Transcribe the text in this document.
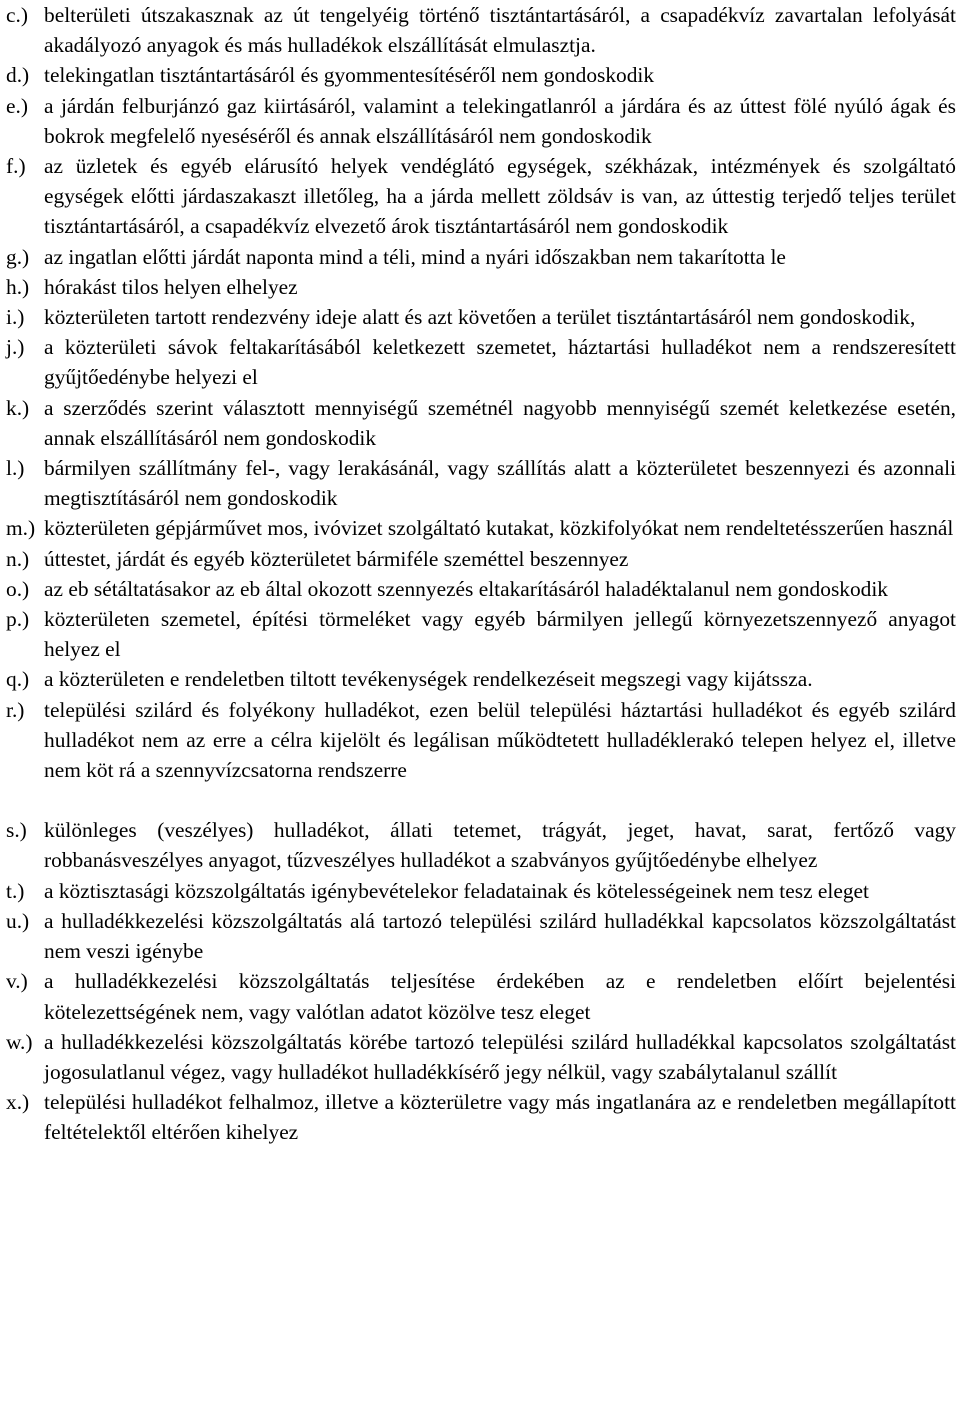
c.) belterületi útszakasznak az út tengelyéig történő tisztántartásáról, a csapadékvíz zavartalan lefolyását akadályozó anyagok és más hulladékok elszállítását elmulasztja.
d.) telekingatlan tisztántartásáról és gyommentesítéséről nem gondoskodik
e.) a járdán felburjánzó gaz kiirtásáról, valamint a telekingatlanról a járdára és az úttest fölé nyúló ágak és bokrok megfelelő nyeséséről és annak elszállításáról nem gondoskodik
f.) az üzletek és egyéb elárusító helyek vendéglátó egységek, székházak, intézmények és szolgáltató egységek előtti járdaszakaszt illetőleg, ha a járda mellett zöldsáv is van, az úttestig terjedő teljes terület tisztántartásáról, a csapadékvíz elvezető árok tisztántartásáról nem gondoskodik
g.) az ingatlan előtti járdát naponta mind a téli, mind a nyári időszakban nem takarította le
h.) hórakást tilos helyen elhelyez
i.) közterületen tartott rendezvény ideje alatt és azt követően a terület tisztántartásáról nem gondoskodik,
j.) a közterületi sávok feltakarításából keletkezett szemetet, háztartási hulladékot nem a rendszeresített gyűjtőedénybe helyezi el
k.) a szerződés szerint választott mennyiségű szemétnél nagyobb mennyiségű szemét keletkezése esetén, annak elszállításáról nem gondoskodik
l.) bármilyen szállítmány fel-, vagy lerakásánál, vagy szállítás alatt a közterületet beszennyezi és azonnali megtisztításáról nem gondoskodik
m.) közterületen gépjárművet mos, ivóvizet szolgáltató kutakat, közkifolyókat nem rendeltetésszerűen használ
n.) úttestet, járdát és egyéb közterületet bármiféle szeméttel beszennyez
o.) az eb sétáltatásakor az eb által okozott szennyezés eltakarításáról haladéktalanul nem gondoskodik
p.) közterületen szemetel, építési törmeléket vagy egyéb bármilyen jellegű környezetszennyező anyagot helyez el
q.) a közterületen e rendeletben tiltott tevékenységek rendelkezéseit megszegi vagy kijátssza.
r.) települési szilárd és folyékony hulladékot, ezen belül települési háztartási hulladékot és egyéb szilárd hulladékot nem az erre a célra kijelölt és legálisan működtetett hulladéklerakó telepen helyez el, illetve nem köt rá a szennyvízcsatorna rendszerre
s.) különleges (veszélyes) hulladékot, állati tetemet, trágyát, jeget, havat, sarat, fertőző vagy robbanásveszélyes anyagot, tűzveszélyes hulladékot a szabványos gyűjtőedénybe elhelyez
t.) a köztisztasági közszolgáltatás igénybevételekor feladatainak és kötelességeinek nem tesz eleget
u.) a hulladékkezelési közszolgáltatás alá tartozó települési szilárd hulladékkal kapcsolatos közszolgáltatást nem veszi igénybe
v.) a hulladékkezelési közszolgáltatás teljesítése érdekében az e rendeletben előírt bejelentési kötelezettségének nem, vagy valótlan adatot közölve tesz eleget
w.) a hulladékkezelési közszolgáltatás körébe tartozó települési szilárd hulladékkal kapcsolatos szolgáltatást jogosulatlanul végez, vagy hulladékot hulladékkísérő jegy nélkül, vagy szabálytalanul szállít
x.) települési hulladékot felhalmoz, illetve a közterületre vagy más ingatlanára az e rendeletben megállapított feltételektől eltérően kihelyez
